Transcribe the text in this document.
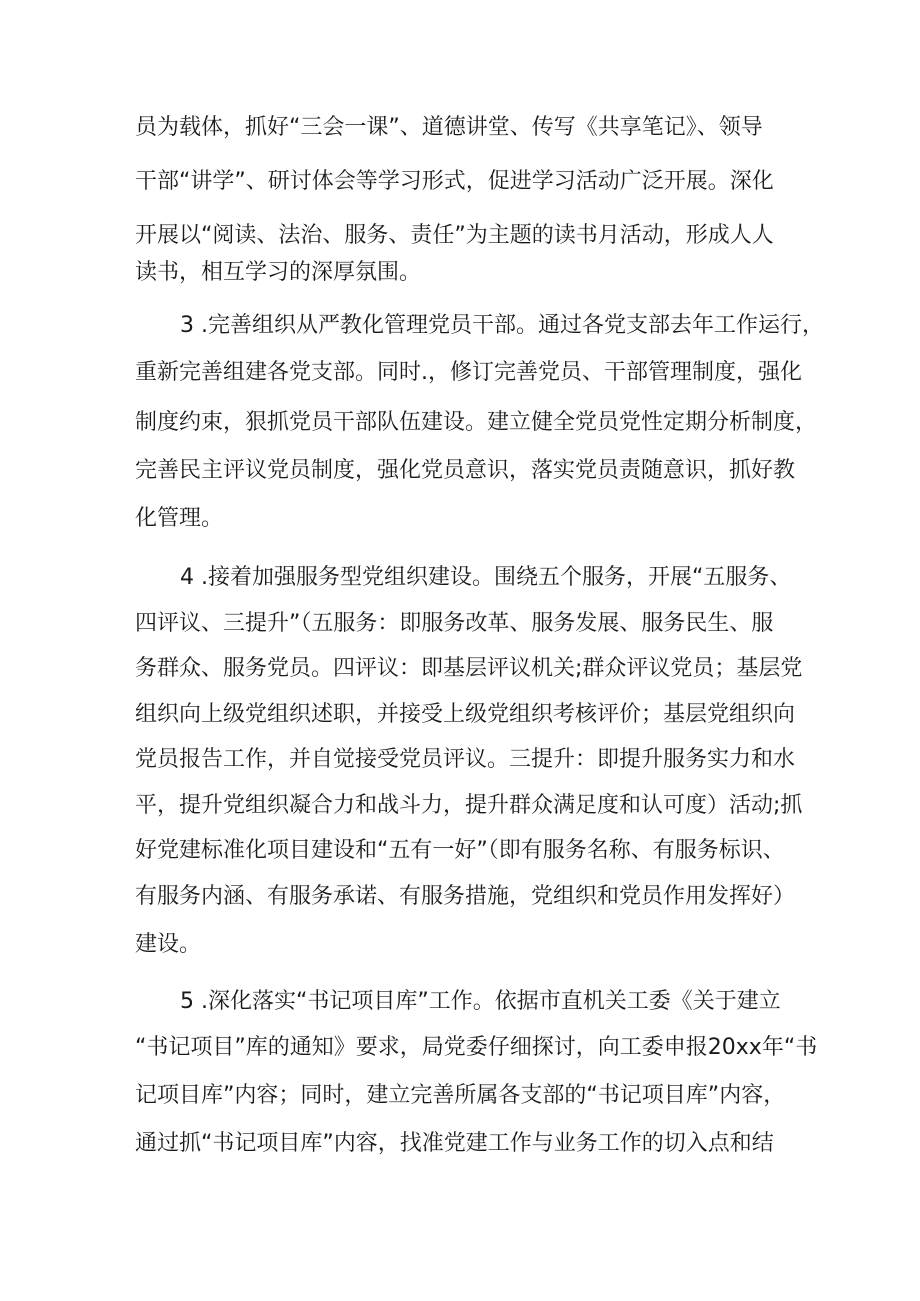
员为载体，抓好“三会一课”、道德讲堂、传写《共享笔记》、领导
干部“讲学”、研讨体会等学习形式，促进学习活动广泛开展。深化
开展以“阅读、法治、服务、责任”为主题的读书月活动，形成人人
读书，相互学习的深厚氛围。
3 .完善组织从严教化管理党员干部。通过各党支部去年工作运行，
重新完善组建各党支部。同时.，修订完善党员、干部管理制度，强化
制度约束，狠抓党员干部队伍建设。建立健全党员党性定期分析制度，
完善民主评议党员制度，强化党员意识，落实党员责随意识，抓好教
化管理。
4 .接着加强服务型党组织建设。围绕五个服务，开展“五服务、
四评议、三提升”（五服务：即服务改革、服务发展、服务民生、服
务群众、服务党员。四评议：即基层评议机关;群众评议党员；基层党
组织向上级党组织述职，并接受上级党组织考核评价；基层党组织向
党员报告工作，并自觉接受党员评议。三提升：即提升服务实力和水
平，提升党组织凝合力和战斗力，提升群众满足度和认可度）活动;抓
好党建标准化项目建设和“五有一好”（即有服务名称、有服务标识、
有服务内涵、有服务承诺、有服务措施，党组织和党员作用发挥好）
建设。
5 .深化落实“书记项目库”工作。依据市直机关工委《关于建立
“书记项目”库的通知》要求，局党委仔细探讨，向工委申报20xx年“书
记项目库”内容；同时，建立完善所属各支部的“书记项目库”内容，
通过抓“书记项目库”内容，找准党建工作与业务工作的切入点和结
